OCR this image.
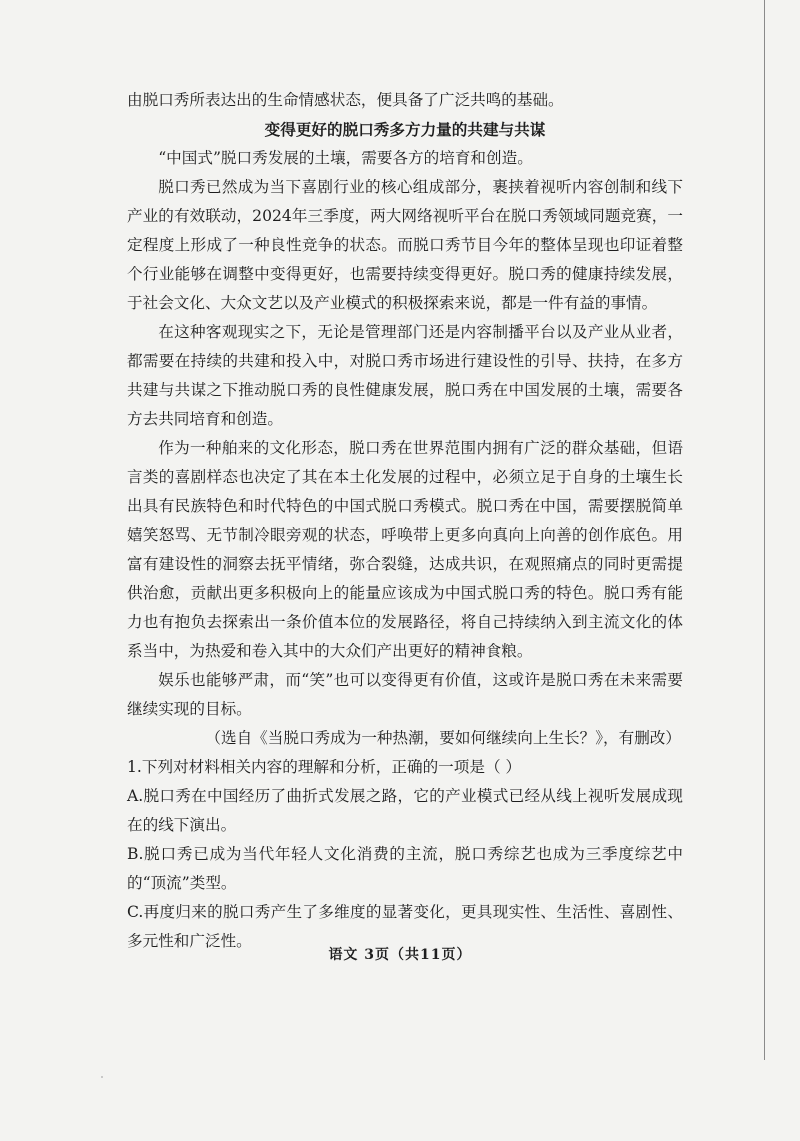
由脱口秀所表达出的生命情感状态，便具备了广泛共鸣的基础。

变得更好的脱口秀多方力量的共建与共谋

“中国式”脱口秀发展的土壤，需要各方的培育和创造。

脱口秀已然成为当下喜剧行业的核心组成部分，裹挟着视听内容创制和线下产业的有效联动，2024年三季度，两大网络视听平台在脱口秀领域同题竞赛，一定程度上形成了一种良性竞争的状态。而脱口秀节目今年的整体呈现也印证着整个行业能够在调整中变得更好，也需要持续变得更好。脱口秀的健康持续发展，于社会文化、大众文艺以及产业模式的积极探索来说，都是一件有益的事情。

在这种客观现实之下，无论是管理部门还是内容制播平台以及产业从业者，都需要在持续的共建和投入中，对脱口秀市场进行建设性的引导、扶持，在多方共建与共谋之下推动脱口秀的良性健康发展，脱口秀在中国发展的土壤，需要各方去共同培育和创造。

作为一种舶来的文化形态，脱口秀在世界范围内拥有广泛的群众基础，但语言类的喜剧样态也决定了其在本土化发展的过程中，必须立足于自身的土壤生长出具有民族特色和时代特色的中国式脱口秀模式。脱口秀在中国，需要摆脱简单嬉笑怒骂、无节制冷眼旁观的状态，呼唤带上更多向真向上向善的创作底色。用富有建设性的洞察去抚平情绪，弥合裂缝，达成共识，在观照痛点的同时更需提供治愈，贡献出更多积极向上的能量应该成为中国式脱口秀的特色。脱口秀有能力也有抱负去探索出一条价值本位的发展路径，将自己持续纳入到主流文化的体系当中，为热爱和卷入其中的大众们产出更好的精神食粮。

娱乐也能够严肃，而“笑”也可以变得更有价值，这或许是脱口秀在未来需要继续实现的目标。

（选自《当脱口秀成为一种热潮，要如何继续向上生长？》，有删改）

1.下列对材料相关内容的理解和分析，正确的一项是（ ）

A.脱口秀在中国经历了曲折式发展之路，它的产业模式已经从线上视听发展成现在的线下演出。

B.脱口秀已成为当代年轻人文化消费的主流，脱口秀综艺也成为三季度综艺中的“顶流”类型。

C.再度归来的脱口秀产生了多维度的显著变化，更具现实性、生活性、喜剧性、多元性和广泛性。

语文 3页（共11页）
